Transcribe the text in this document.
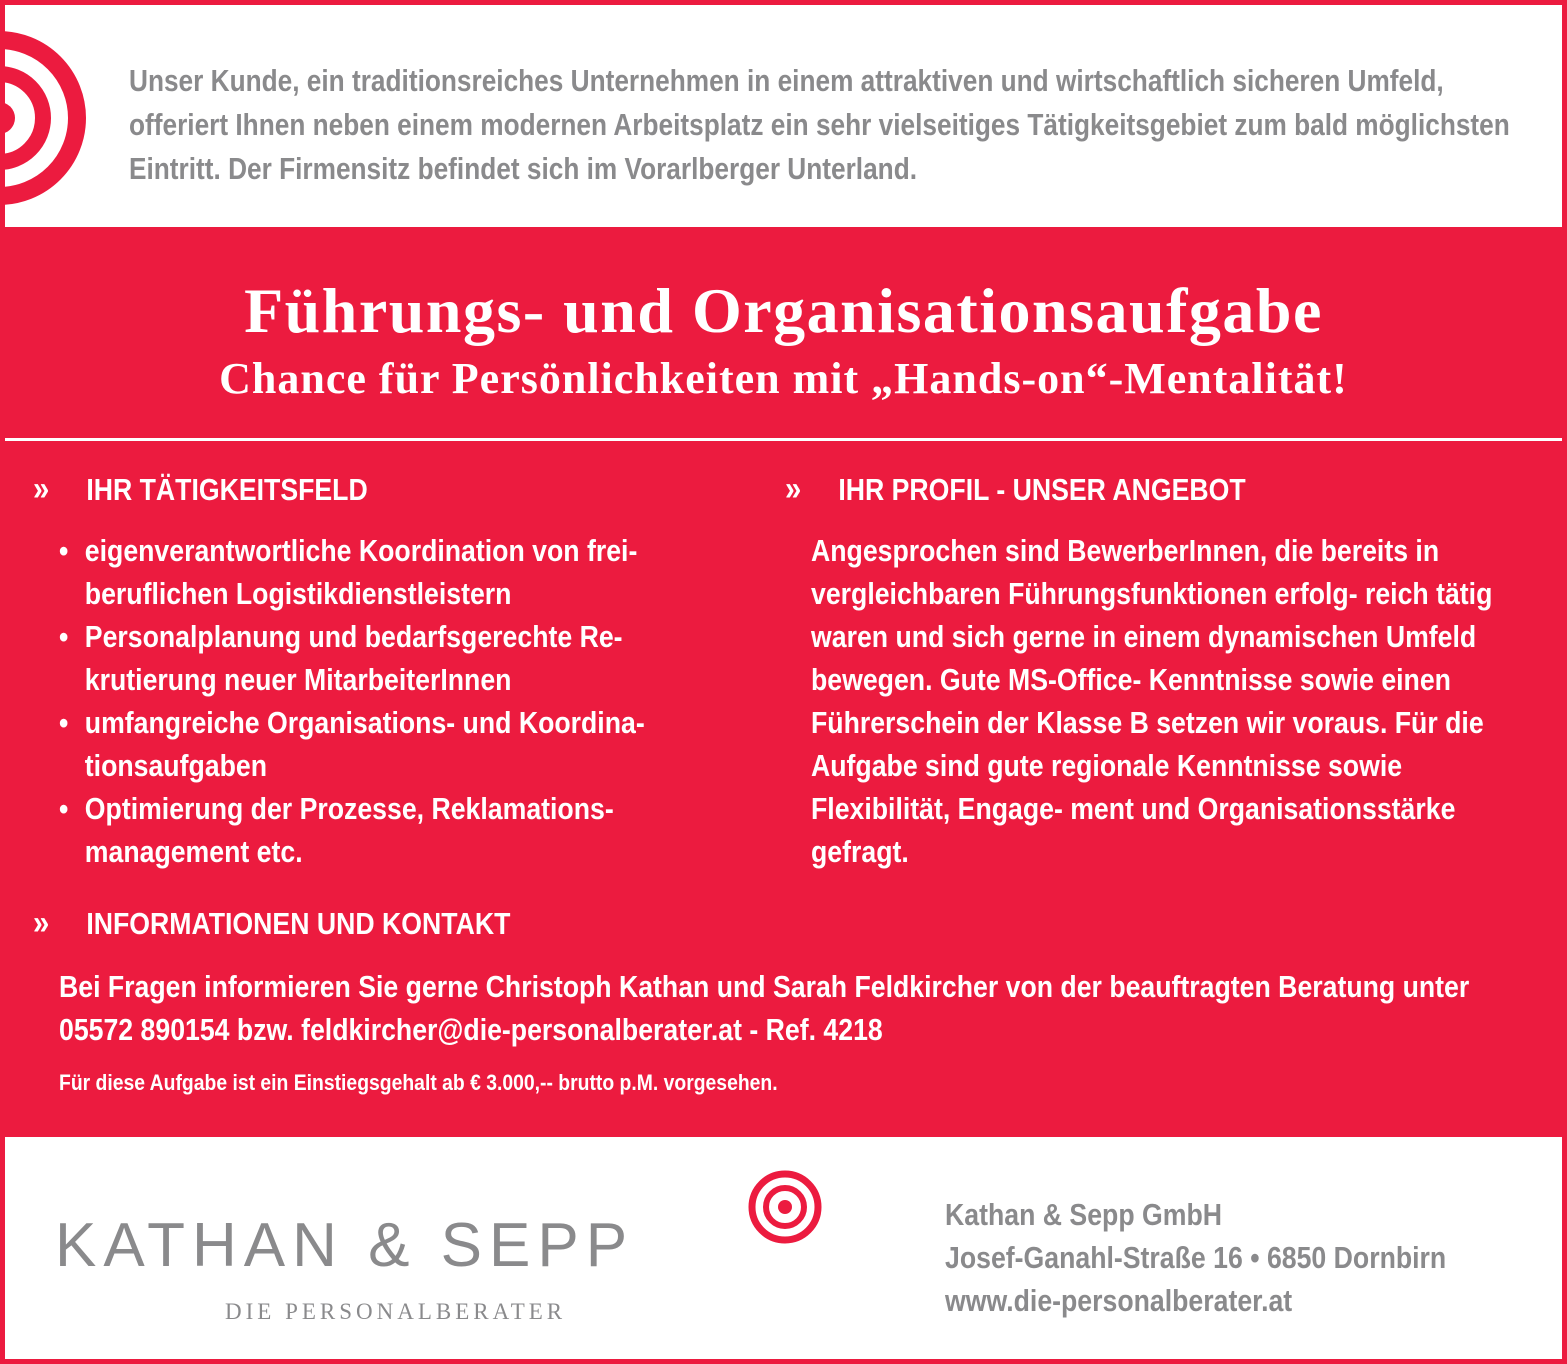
Unser Kunde, ein traditionsreiches Unternehmen in einem attraktiven und wirtschaftlich sicheren Umfeld, offeriert Ihnen neben einem modernen Arbeitsplatz ein sehr vielseitiges Tätigkeitsgebiet zum bald möglichsten Eintritt. Der Firmensitz befindet sich im Vorarlberger Unterland.

Führungs- und Organisationsaufgabe
Chance für Persönlichkeiten mit „Hands-on“-Mentalität!
» IHR TÄTIGKEITSFELD
• eigenverantwortliche Koordination von frei- beruflichen Logistikdienstleistern
• Personalplanung und bedarfsgerechte Re- krutierung neuer MitarbeiterInnen
• umfangreiche Organisations- und Koordina- tionsaufgaben
• Optimierung der Prozesse, Reklamations- management etc.
» IHR PROFIL - UNSER ANGEBOT

Angesprochen sind BewerberInnen, die bereits in vergleichbaren Führungsfunktionen erfolg- reich tätig waren und sich gerne in einem dynamischen Umfeld bewegen. Gute MS-Office- Kenntnisse sowie einen Führerschein der Klasse B setzen wir voraus. Für die Aufgabe sind gute regionale Kenntnisse sowie Flexibilität, Engage- ment und Organisationsstärke gefragt.

» INFORMATIONEN UND KONTAKT

Bei Fragen informieren Sie gerne Christoph Kathan und Sarah Feldkircher von der beauftragten Beratung unter 05572 890154 bzw. feldkircher@die-personalberater.at - Ref. 4218

Für diese Aufgabe ist ein Einstiegsgehalt ab € 3.000,-- brutto p.M. vorgesehen.

KATHAN & SEPP

DIE PERSONALBERATER

Kathan & Sepp GmbH
Josef-Ganahl-Straße 16 • 6850 Dornbirn
www.die-personalberater.at
